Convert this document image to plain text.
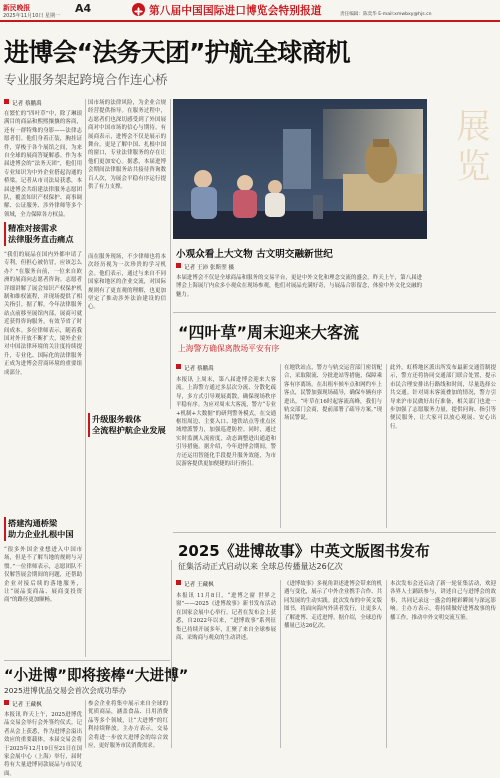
新民晚报
2025年11月10日 星期一
A4	第八届中国国际进口博览会特别报道	责任编辑：陈奕华 E-mail:xmwbxy@hjs.cn
进博会“法务天团”护航全球商机
专业服务架起跨境合作连心桥
记者 蔡鹏禹
在繁忙的“四叶草”中，除了琳琅满目的商品和熙熙攘攘的客商，还有一群特殊的身影——法律志愿者们。他们身着正装，胸挂证件，穿梭于各个展馆之间，为来自全球的展商答疑解惑。作为本届进博会的“法务天团”，他们用专业知识为中外企业搭起沟通的桥梁。记者从市司法局获悉，本届进博会共组建法律服务志愿团队，覆盖知识产权保护、商事调解、公证服务、涉外律师等多个领域，全力保障各方权益。
精准对接需求
法律服务直击痛点
“我们的展品在国内外都申请了专利，但担心被仿冒，应该怎么办？”在服务台前，一位来自欧洲的展商向志愿者咨询。志愿者详细讲解了展会知识产权保护机制和维权流程，并现场提供了相关指引。据了解，今年法律服务站点前移至展馆内部，展商可就近获得咨询服务，有效节省了时间成本。多位律师表示，随着我国对外开放不断扩大，境外企业对中国法律环境的关注度持续提升，专业化、国际化的法律服务正成为进博会营商环境的重要组成部分。
搭建沟通桥梁
助力企业扎根中国
“很多外国企业想进入中国市场，但是不了解当地的规则与习惯。”一位律师表示，志愿团队不仅解答展会期间的问题，还帮助企业对接后续的落地服务，让“展品变商品、展商变投资商”的路径更加顺畅。
国市场的法律风险，为企业合规经营提供指导。在服务过程中，志愿者们也深切感受到了外国展商对中国市场的信心与期待。有展商表示，进博会不仅是展示的舞台，更是了解中国、扎根中国的窗口，专业法律服务的存在让他们更加安心。据悉，本届进博会期间法律服务站共接待咨询数百人次，为展会平稳有序运行提供了有力支撑。
而在服务现场，不少律师也将本次经历视为一次珍贵的学习机会。他们表示，通过与来自不同国家和地区的企业交流，对国际规则有了更直观的理解，也更加坚定了推动涉外法治建设的信心。
升级服务载体
全流程护航企业发展
展览
小观众看上大文物 古文明交融新世纪
记者 王沛 张斯翌 摄
本届进博会不仅是全球商品和服务的交易平台，更是中外文化和理念交流的盛会。昨天上午，第八届进博会上海展厅内众多小观众在现场参观，他们对展品充满好奇，与展品合影留念，体验中外文化交融的魅力。
“四叶草”周末迎来大客流
上海警方确保离散场平安有序
记者 蔡鹏禹
本报讯 上周末，第八届进博会迎来大客流。上海警方通过多层次分流、分散化疏导，多方式引导观展离散，确保现场秩序平稳有序。为应对周末大客流，警方“专业+机制+大数据”的研判警务模式，在交通枢纽周边、主要入口、地铁站点等重点区域增派警力，加强巡逻防控。同时，通过实时监测人流密度，动态调整进出通道和引导措施。据介绍，今年进博会期间，警方还运用智能化手段提升服务效能，为市民游客提供更加便捷的出行指引。
在地铁站点，警方与轨交运营部门密切配合，采取限流、分批进站等措施，保障乘客有序离场。在出租车候车点和网约车上客点，民警加强现场疏导，确保车辆有序进出。“叶草在16时起客流高峰，我们与轨交部门会商，提前部署了疏导方案。”现场民警说。
此外，虹桥地区派出所发布最新交通管制提示，警方还将协同交通部门联合处置，提示市民合理安排出行路线和时间，尽量选择公共交通。针对周末客流叠加的情况，警方引导来沪市民做好出行准备，相关部门也进一步加强了志愿服务力量，提供问询、指引等便民服务，让大家可以放心观展、安心出行。
2025《进博故事》中英文版图书发布
征集活动正式启动以来 全球总传播量达26亿次
记者 王藏枫
本报讯 11月8日，“进博之窗 世界之窗”——2025《进博故事》新书发布活动在国家会展中心举行。记者在发布会上获悉，自2022年以来，“进博故事”系列征集已持续开展多年，汇聚了来自全球参展商、采购商与观众的生动讲述。
《进博故事》多视角讲述进博会带来的机遇与变化，展示了中外企业携手合作、共同发展的生动实践。此次发布的中英文版图书，将面向海内外读者发行，让更多人了解进博、走近进博。据介绍，全球总传播量已达26亿次。
本次发布会还启动了新一轮征集活动，欢迎各界人士踊跃参与，讲述自己与进博会的故事，共同记录这一盛会的精彩瞬间与深远影响。主办方表示，将持续做好进博故事的传播工作，推动中外文明交流互鉴。
“小进博”即将接棒“大进博”
2025进博优品交易会首次会成功举办
记者 王藏枫
本报讯 昨天上午，2025进博优品交易会举行会外签约仪式。记者从会上获悉，作为进博会溢出效应的重要载体，本届交易会将于2025年12月19日至21日在国家会展中心（上海）举行，届时将有大量进博同款展品与市民见面。
参会企业将集中展示来自全球的优质商品，涵盖食品、日用消费品等多个领域，让“大进博”的红利持续释放。主办方表示，交易会将进一步放大进博会的综合效应，更好服务市民消费需求。
